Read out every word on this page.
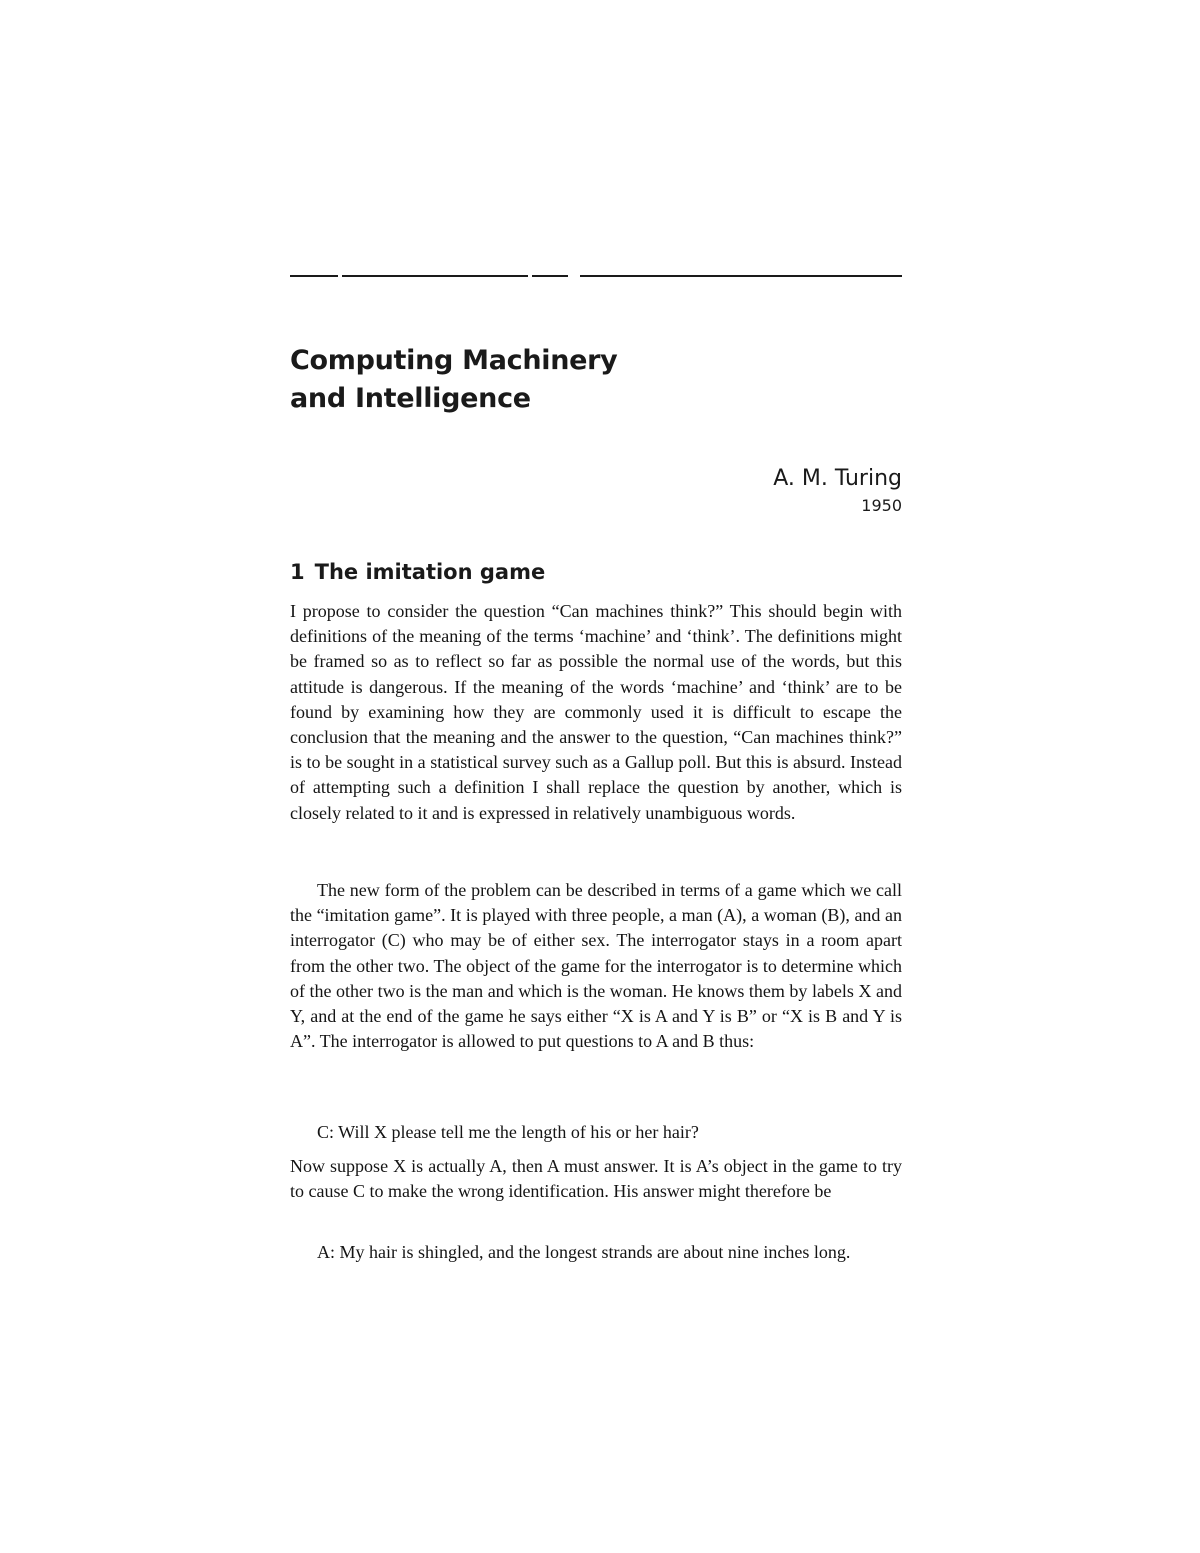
Computing Machinery
and Intelligence
A. M. Turing
1950
1 The imitation game

I propose to consider the question “Can machines think?” This should begin with definitions of the meaning of the terms ‘machine’ and ‘think’. The definitions might be framed so as to reflect so far as possible the normal use of the words, but this attitude is dangerous. If the meaning of the words ‘machine’ and ‘think’ are to be found by examining how they are commonly used it is difficult to escape the conclusion that the meaning and the answer to the question, “Can machines think?” is to be sought in a statistical survey such as a Gallup poll. But this is absurd. Instead of attempting such a definition I shall replace the question by another, which is closely related to it and is expressed in relatively unambiguous words.

The new form of the problem can be described in terms of a game which we call the “imitation game”. It is played with three people, a man (A), a woman (B), and an interrogator (C) who may be of either sex. The interrogator stays in a room apart from the other two. The object of the game for the interrogator is to determine which of the other two is the man and which is the woman. He knows them by labels X and Y, and at the end of the game he says either “X is A and Y is B” or “X is B and Y is A”. The interrogator is allowed to put questions to A and B thus:

C: Will X please tell me the length of his or her hair?

Now suppose X is actually A, then A must answer. It is A’s object in the game to try to cause C to make the wrong identification. His answer might therefore be

A: My hair is shingled, and the longest strands are about nine inches long.
